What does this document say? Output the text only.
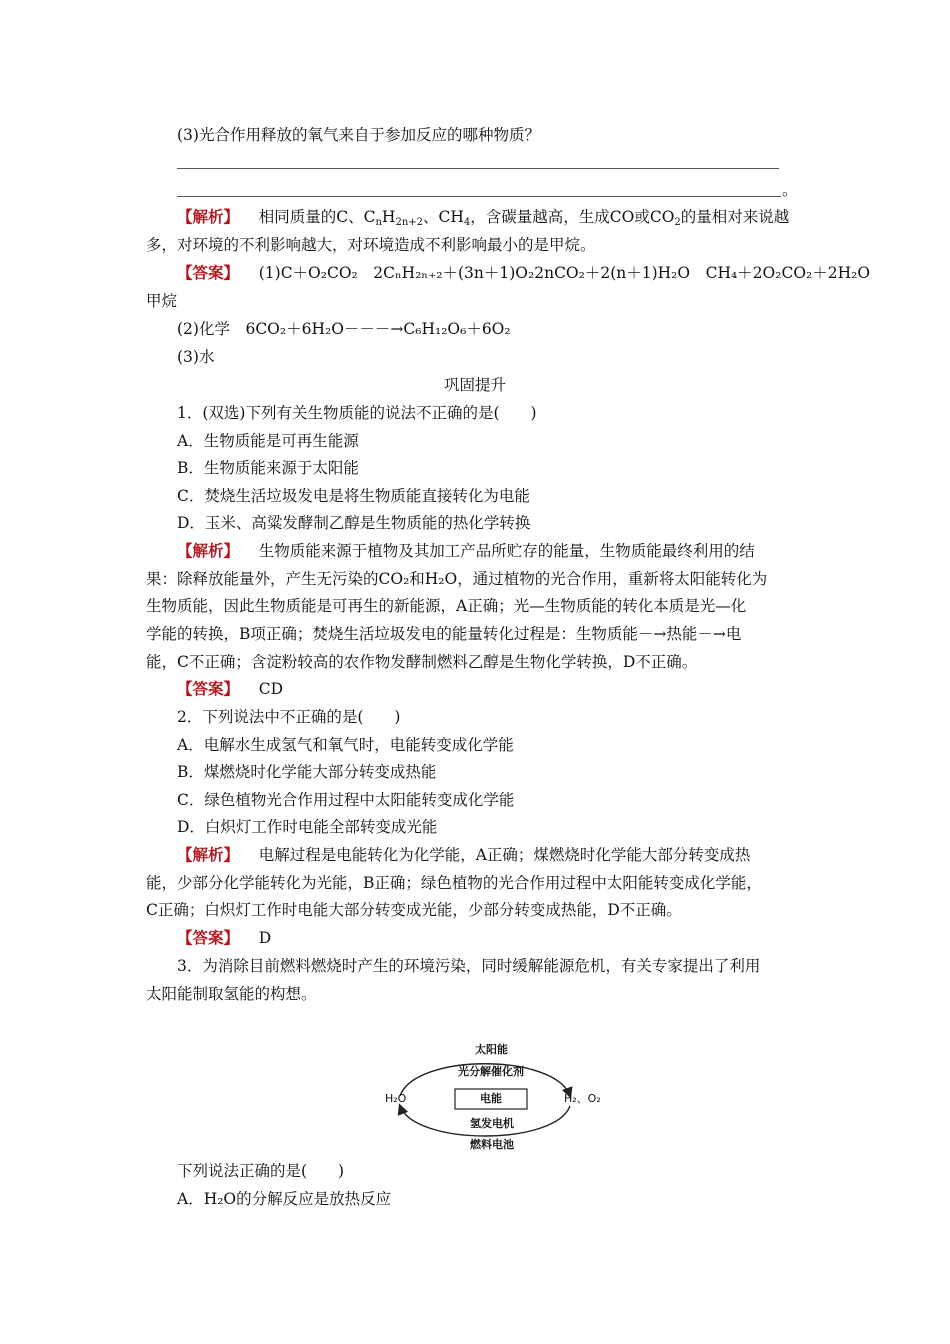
(3)光合作用释放的氧气来自于参加反应的哪种物质？
。
【解析】 相同质量的C、$C_nH_{2n+2}$、$CH_4$，含碳量越高，生成CO或$CO_2$的量相对来说越
多，对环境的不利影响越大，对环境造成不利影响最小的是甲烷。
【答案】 (1)C＋O₂CO₂　2CₙH₂ₙ₊₂＋(3n＋1)O₂2nCO₂＋2(n＋1)H₂O　CH₄＋2O₂CO₂＋2H₂O
甲烷
(2)化学　6CO₂＋6H₂O－－－→C₆H₁₂O₆＋6O₂
(3)水
巩固提升
1．(双选)下列有关生物质能的说法不正确的是(　　)
A．生物质能是可再生能源
B．生物质能来源于太阳能
C．焚烧生活垃圾发电是将生物质能直接转化为电能
D．玉米、高粱发酵制乙醇是生物质能的热化学转换
【解析】 生物质能来源于植物及其加工产品所贮存的能量，生物质能最终利用的结
果：除释放能量外，产生无污染的CO₂和H₂O，通过植物的光合作用，重新将太阳能转化为
生物质能，因此生物质能是可再生的新能源，A正确；光—生物质能的转化本质是光—化
学能的转换，B项正确；焚烧生活垃圾发电的能量转化过程是：生物质能－→热能－→电
能，C不正确；含淀粉较高的农作物发酵制燃料乙醇是生物化学转换，D不正确。
【答案】 CD
2．下列说法中不正确的是(　　)
A．电解水生成氢气和氧气时，电能转变成化学能
B．煤燃烧时化学能大部分转变成热能
C．绿色植物光合作用过程中太阳能转变成化学能
D．白炽灯工作时电能全部转变成光能
【解析】 电解过程是电能转化为化学能，A正确；煤燃烧时化学能大部分转变成热
能，少部分化学能转化为光能，B正确；绿色植物的光合作用过程中太阳能转变成化学能，
C正确；白炽灯工作时电能大部分转变成光能，少部分转变成热能，D不正确。
【答案】 D
3．为消除目前燃料燃烧时产生的环境污染，同时缓解能源危机，有关专家提出了利用
太阳能制取氢能的构想。
太阳能
光分解催化剂
H₂O	H₂、O₂
电能
氢发电机
燃料电池
下列说法正确的是(　　)
A．H₂O的分解反应是放热反应
